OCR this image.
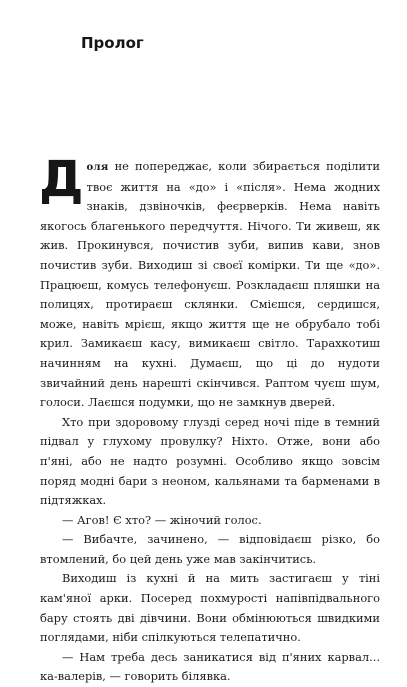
Пролог

Доля не попереджає, коли збирається поділити твоє життя на «до» і «після». Нема жодних знаків, дзвіночків, феєрверків. Нема навіть якогось благенького передчуття. Нічого. Ти живеш, як жив. Прокинувся, почистив зуби, випив кави, знов почистив зуби. Виходиш зі своєї комірки. Ти ще «до». Працюєш, комусь телефонуєш. Розкладаєш пляшки на полицях, протираєш склянки. Смієшся, сердишся, може, навіть мрієш, якщо життя ще не обрубало тобі крил. Замикаєш касу, вимикаєш світло. Тарахкотиш начинням на кухні. Думаєш, що ці до нудоти звичайний день нарешті скінчився. Раптом чуєш шум, голоси. Лаєшся подумки, що не замкнув дверей.

Хто при здоровому глузді серед ночі піде в темний підвал у глухому провулку? Ніхто. Отже, вони або п'яні, або не надто розумні. Особливо якщо зовсім поряд модні бари з неоном, кальянами та барменами в підтяжках.

— Агов! Є хто? — жіночий голос.

— Вибачте, зачинено, — відповідаєш різко, бо втомлений, бо цей день уже мав закінчитись.

Виходиш із кухні й на мить застигаєш у тіні кам'яної арки. Посеред похмурості напівпідвального бару стоять дві дівчини. Вони обмінюються швидкими поглядами, ніби спілкуються телепатично.

— Нам треба десь заникатися від п'яних карвал... ка-валерів, — говорить білявка.
